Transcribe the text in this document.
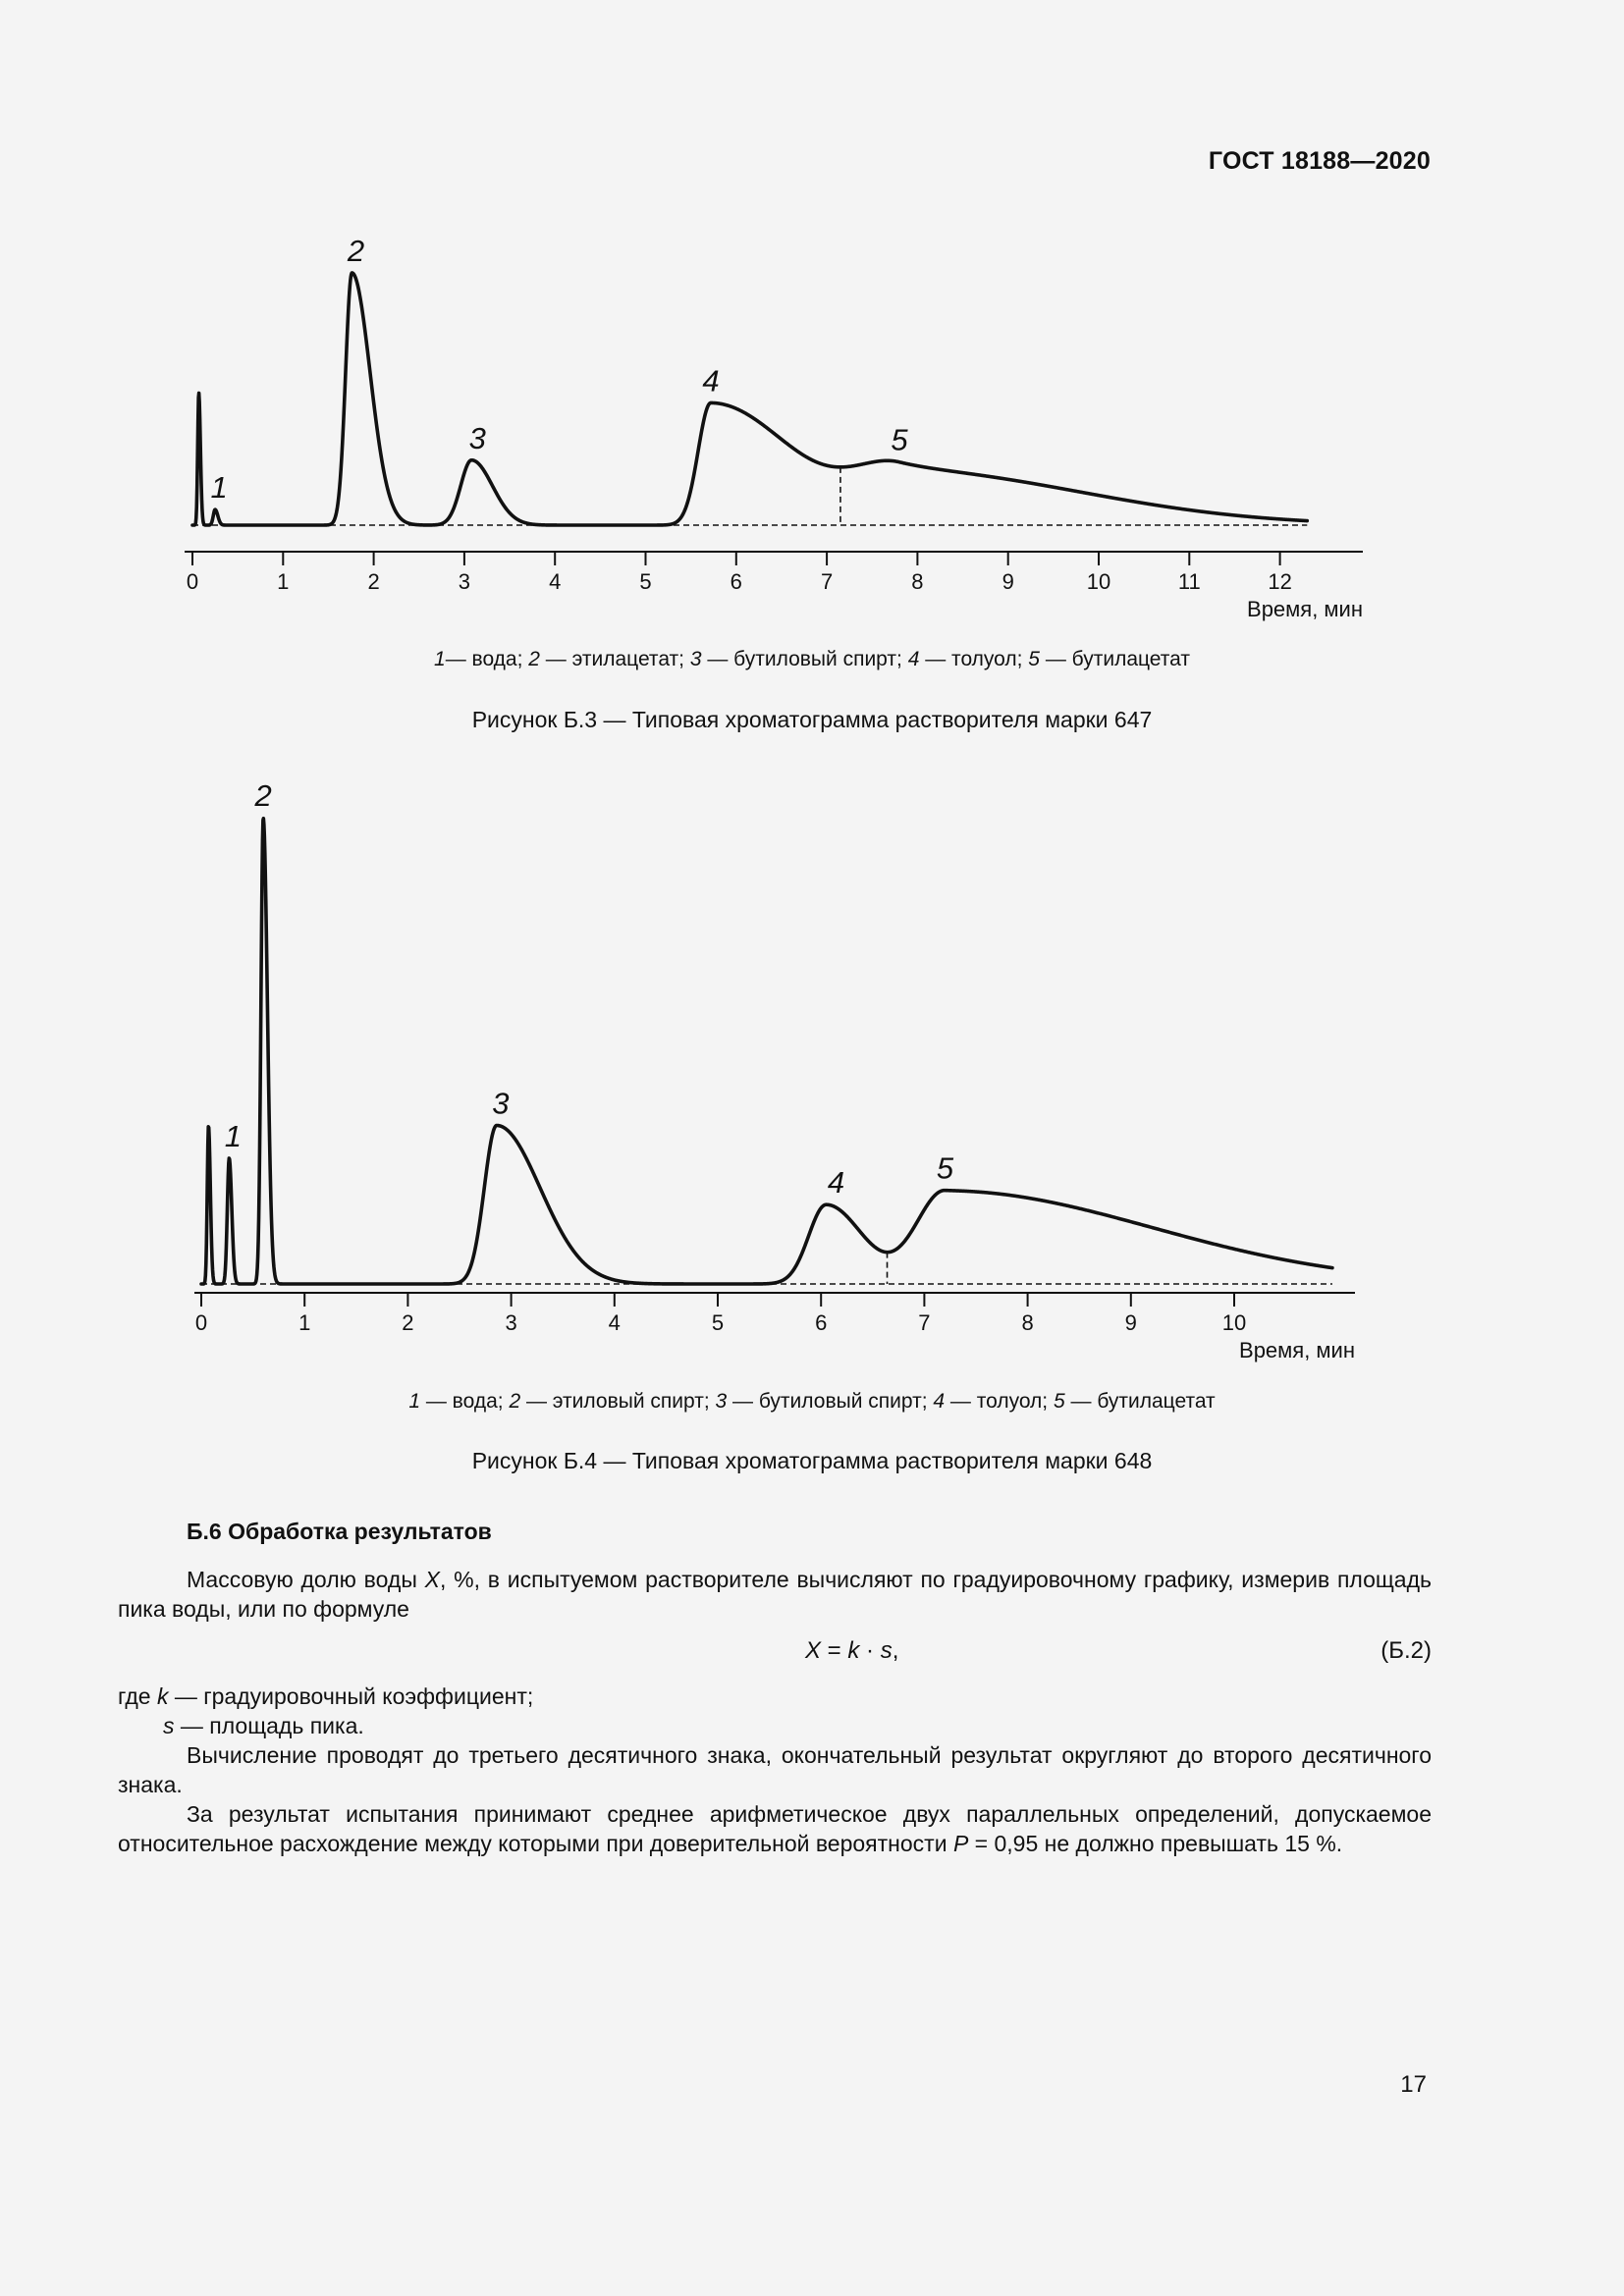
ГОСТ 18188—2020
0	1	2	3	4	5	6	7	8	9	10	11	12
Время, мин
1
2
3
4
5
1— вода; 2 — этилацетат; 3 — бутиловый спирт; 4 — толуол; 5 — бутилацетат
Рисунок Б.3 — Типовая хроматограмма растворителя марки 647
0	1	2	3	4	5	6	7	8	9	10
Время, мин
1
2
3
4	5
1 — вода; 2 — этиловый спирт; 3 — бутиловый спирт; 4 — толуол; 5 — бутилацетат
Рисунок Б.4 — Типовая хроматограмма растворителя марки 648
Б.6 Обработка результатов

Массовую долю воды X, %, в испытуемом растворителе вычисляют по градуировочному графику, измерив площадь пика воды, или по формуле

X = k · s,	(Б.2)
где k — градуировочный коэффициент;
s — площадь пика.

Вычисление проводят до третьего десятичного знака, окончательный результат округляют до второго десятичного знака.

За результат испытания принимают среднее арифметическое двух параллельных определений, допускаемое относительное расхождение между которыми при доверительной вероятности P = 0,95 не должно превышать 15 %.

17
